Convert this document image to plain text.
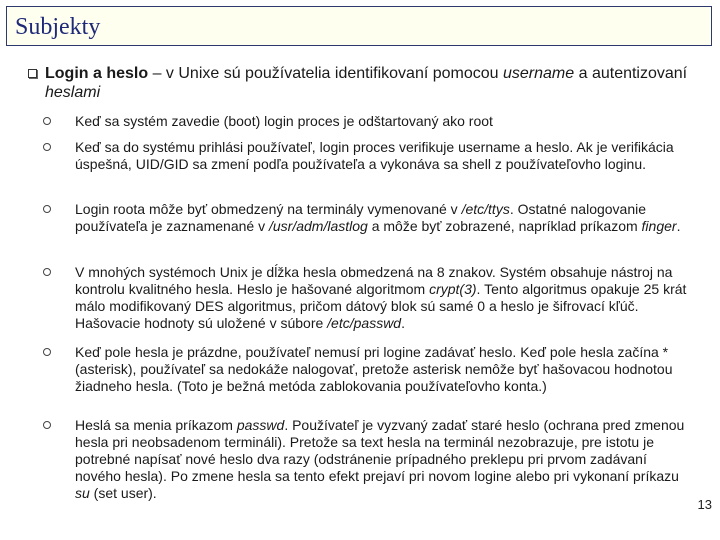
Subjekty
Login a heslo – v Unixe sú používatelia identifikovaní pomocou username a autentizovaní heslami
Keď sa systém zavedie (boot) login proces je odštartovaný ako root
Keď sa do systému prihlási používateľ, login proces verifikuje username a heslo. Ak je verifikácia úspešná, UID/GID sa zmení podľa používateľa a vykonáva sa shell z používateľovho loginu.
Login roota môže byť obmedzený na terminály vymenované v /etc/ttys. Ostatné nalogovanie používateľa je zaznamenané v /usr/adm/lastlog a môže byť zobrazené, napríklad príkazom finger.
V mnohých systémoch Unix je dĺžka hesla obmedzená na 8 znakov. Systém obsahuje nástroj na kontrolu kvalitného hesla. Heslo je hašované algoritmom crypt(3). Tento algoritmus opakuje 25 krát málo modifikovaný DES algoritmus, pričom dátový blok sú samé 0 a heslo je šifrovací kľúč. Hašovacie hodnoty sú uložené v súbore /etc/passwd.
Keď pole hesla je prázdne, používateľ nemusí pri logine zadávať heslo. Keď pole hesla začína * (asterisk), používateľ sa nedokáže nalogovať, pretože asterisk nemôže byť hašovacou hodnotou žiadneho hesla. (Toto je bežná metóda zablokovania používateľovho konta.)
Heslá sa menia príkazom passwd. Používateľ je vyzvaný zadať staré heslo (ochrana pred zmenou hesla pri neobsadenom termináli). Pretože sa text hesla na terminál nezobrazuje, pre istotu je potrebné napísať nové heslo dva razy (odstránenie prípadného preklepu pri prvom zadávaní nového hesla). Po zmene hesla sa tento efekt prejaví pri novom logine alebo pri vykonaní príkazu su (set user).
13
